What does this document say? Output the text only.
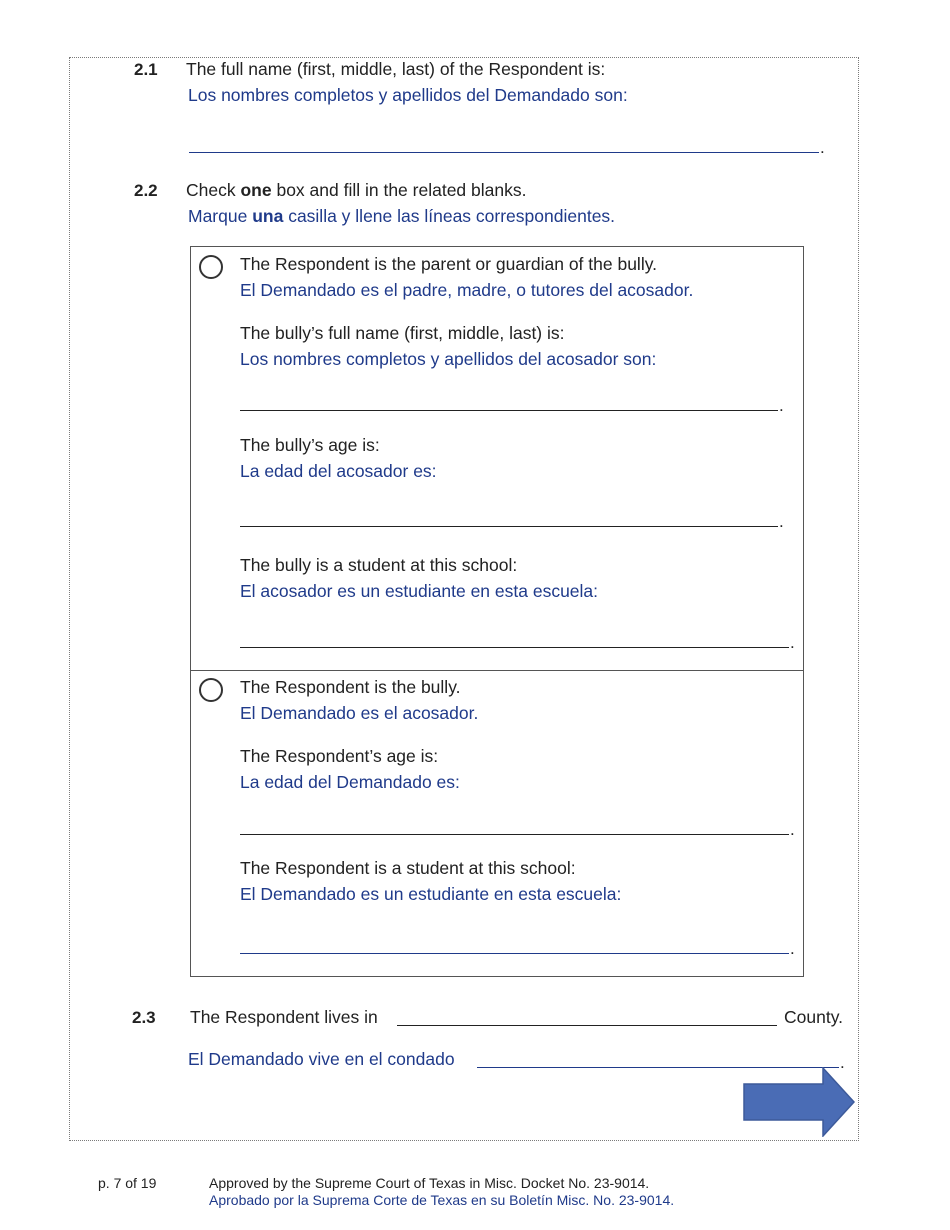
2.1 The full name (first, middle, last) of the Respondent is:
Los nombres completos y apellidos del Demandado son:
.
2.2 Check one box and fill in the related blanks.
Marque una casilla y llene las líneas correspondientes.
The Respondent is the parent or guardian of the bully.
El Demandado es el padre, madre, o tutores del acosador.
The bully’s full name (first, middle, last) is:
Los nombres completos y apellidos del acosador son:
.
The bully’s age is:
La edad del acosador es:
.
The bully is a student at this school:
El acosador es un estudiante en esta escuela:
.
The Respondent is the bully.
El Demandado es el acosador.
The Respondent’s age is:
La edad del Demandado es:
.
The Respondent is a student at this school:
El Demandado es un estudiante en esta escuela:
.
2.3 The Respondent lives in	County.
El Demandado vive en el condado	.
p. 7 of 19	Approved by the Supreme Court of Texas in Misc. Docket No. 23-9014.
Aprobado por la Suprema Corte de Texas en su Boletín Misc. No. 23-9014.
